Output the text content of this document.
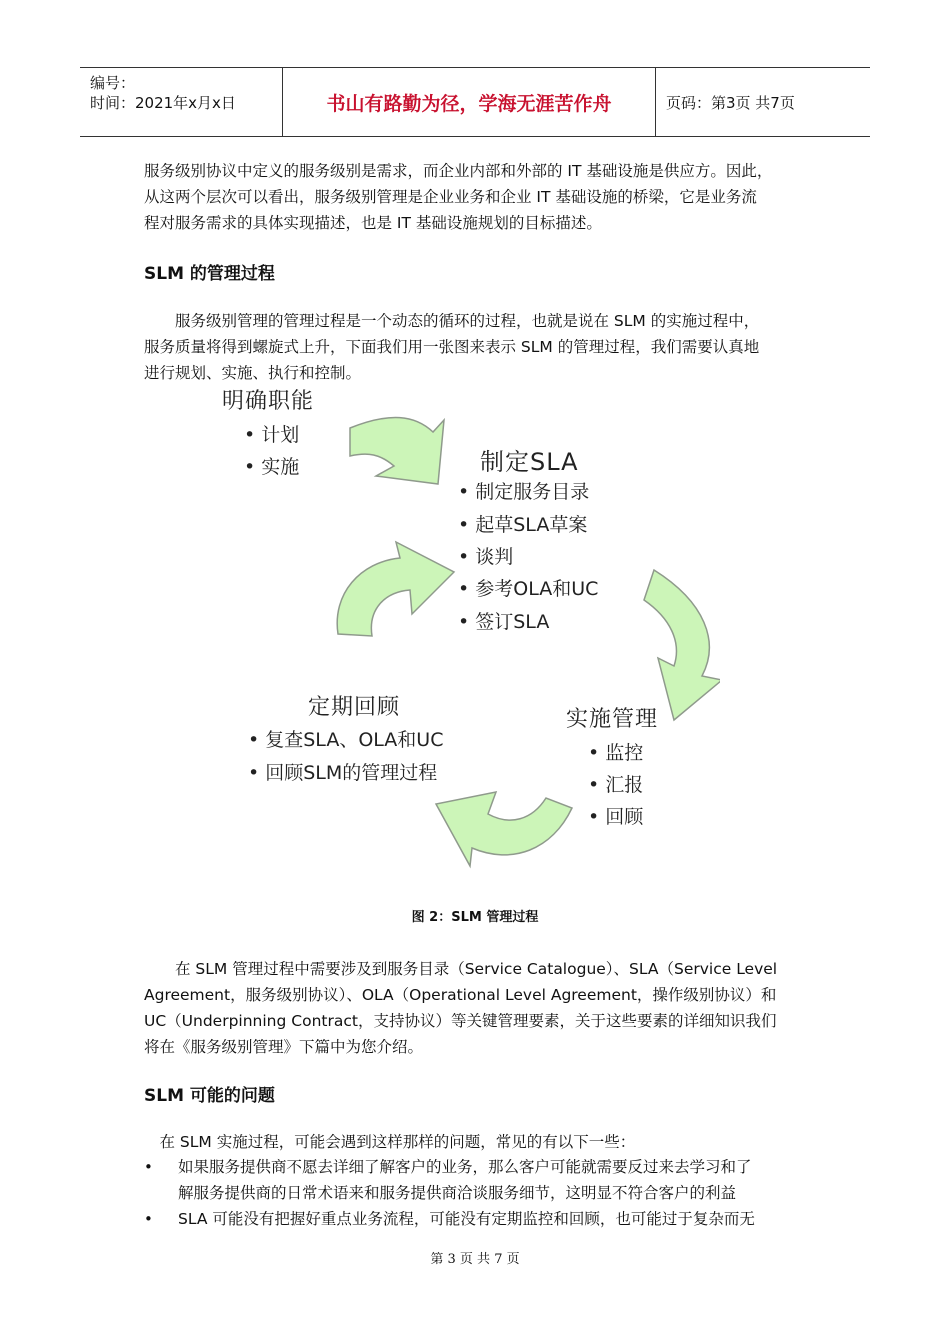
编号：
时间：2021年x月x日	书山有路勤为径，学海无涯苦作舟	页码：第3页 共7页
服务级别协议中定义的服务级别是需求，而企业内部和外部的 IT 基础设施是供应方。因此，
从这两个层次可以看出，服务级别管理是企业业务和企业 IT 基础设施的桥梁，它是业务流
程对服务需求的具体实现描述，也是 IT 基础设施规划的目标描述。
SLM 的管理过程
　　服务级别管理的管理过程是一个动态的循环的过程，也就是说在 SLM 的实施过程中，
服务质量将得到螺旋式上升，下面我们用一张图来表示 SLM 的管理过程，我们需要认真地
进行规划、实施、执行和控制。
明确职能
• 计划
• 实施	制定SLA
• 制定服务目录
• 起草SLA草案
• 谈判
• 参考OLA和UC
• 签订SLA
实施管理
• 监控
• 汇报
• 回顾
定期回顾
• 复查SLA、OLA和UC
• 回顾SLM的管理过程
图 2：SLM 管理过程
　　在 SLM 管理过程中需要涉及到服务目录（Service Catalogue）、SLA（Service Level
Agreement，服务级别协议）、OLA（Operational Level Agreement，操作级别协议）和
UC（Underpinning Contract，支持协议）等关键管理要素，关于这些要素的详细知识我们
将在《服务级别管理》下篇中为您介绍。
SLM 可能的问题
　在 SLM 实施过程，可能会遇到这样那样的问题，常见的有以下一些：
• 如果服务提供商不愿去详细了解客户的业务，那么客户可能就需要反过来去学习和了
解服务提供商的日常术语来和服务提供商洽谈服务细节，这明显不符合客户的利益
• SLA 可能没有把握好重点业务流程，可能没有定期监控和回顾，也可能过于复杂而无
第 3 页 共 7 页
